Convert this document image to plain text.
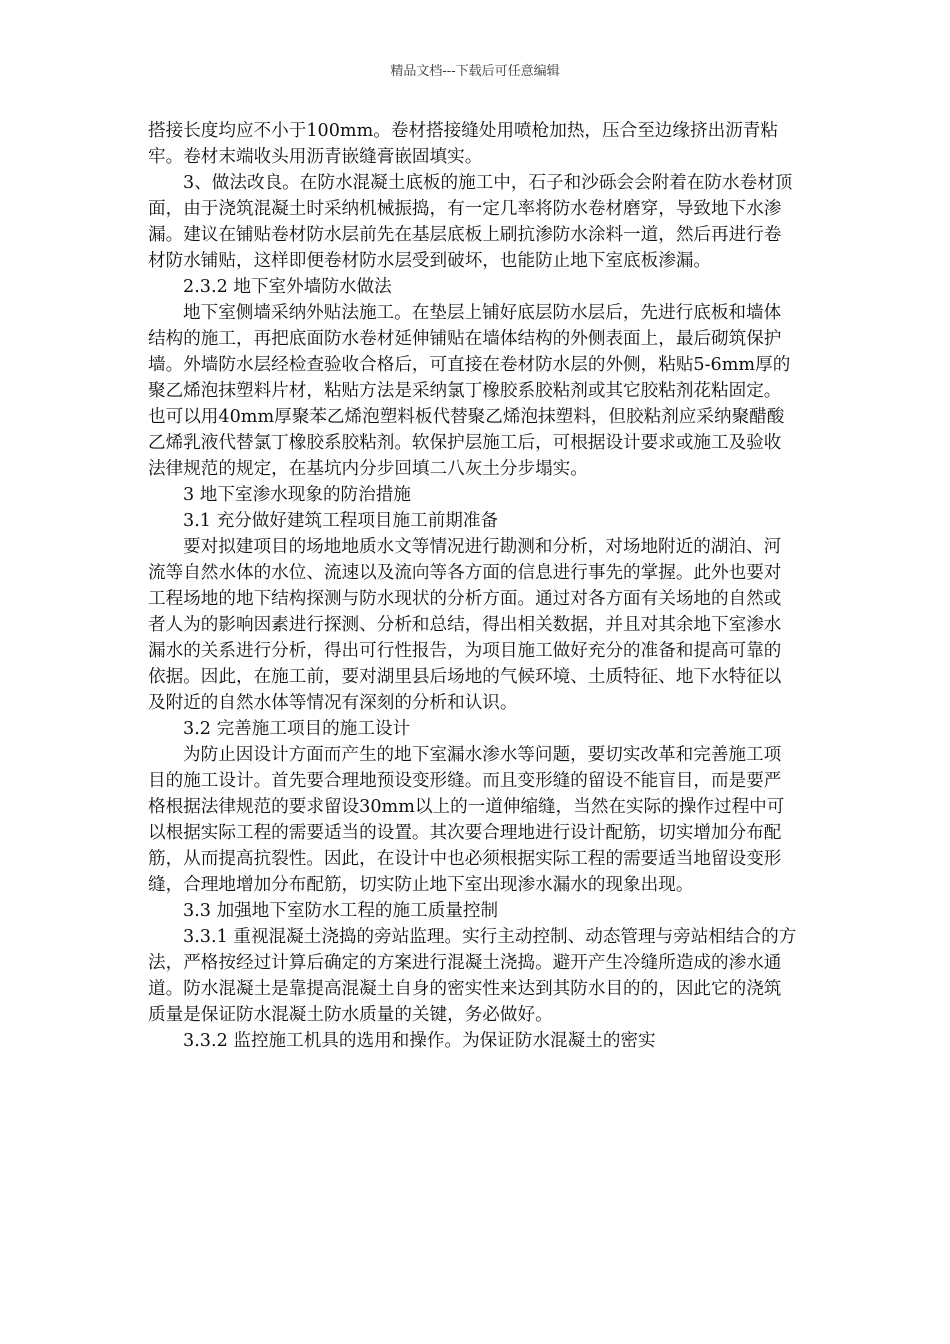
精品文档---下载后可任意编辑

搭接长度均应不小于100mm。卷材搭接缝处用喷枪加热，压合至边缘挤出沥青粘牢。卷材末端收头用沥青嵌缝膏嵌固填实。

3、做法改良。在防水混凝土底板的施工中，石子和沙砾会会附着在防水卷材顶面，由于浇筑混凝土时采纳机械振捣，有一定几率将防水卷材磨穿，导致地下水渗漏。建议在铺贴卷材防水层前先在基层底板上刷抗渗防水涂料一道，然后再进行卷材防水铺贴，这样即便卷材防水层受到破坏，也能防止地下室底板渗漏。

2.3.2 地下室外墙防水做法

地下室侧墙采纳外贴法施工。在垫层上铺好底层防水层后，先进行底板和墙体结构的施工，再把底面防水卷材延伸铺贴在墙体结构的外侧表面上，最后砌筑保护墙。外墙防水层经检查验收合格后，可直接在卷材防水层的外侧，粘贴5-6mm厚的聚乙烯泡抹塑料片材，粘贴方法是采纳氯丁橡胶系胶粘剂或其它胶粘剂花粘固定。也可以用40mm厚聚苯乙烯泡塑料板代替聚乙烯泡抹塑料，但胶粘剂应采纳聚醋酸乙烯乳液代替氯丁橡胶系胶粘剂。软保护层施工后，可根据设计要求或施工及验收法律规范的规定，在基坑内分步回填二八灰土分步塌实。

3 地下室渗水现象的防治措施

3.1 充分做好建筑工程项目施工前期准备

要对拟建项目的场地地质水文等情况进行勘测和分析，对场地附近的湖泊、河流等自然水体的水位、流速以及流向等各方面的信息进行事先的掌握。此外也要对工程场地的地下结构探测与防水现状的分析方面。通过对各方面有关场地的自然或者人为的影响因素进行探测、分析和总结，得出相关数据，并且对其余地下室渗水漏水的关系进行分析，得出可行性报告，为项目施工做好充分的准备和提高可靠的依据。因此，在施工前，要对湖里县后场地的气候环境、土质特征、地下水特征以及附近的自然水体等情况有深刻的分析和认识。

3.2 完善施工项目的施工设计

为防止因设计方面而产生的地下室漏水渗水等问题，要切实改革和完善施工项目的施工设计。首先要合理地预设变形缝。而且变形缝的留设不能盲目，而是要严格根据法律规范的要求留设30mm以上的一道伸缩缝，当然在实际的操作过程中可以根据实际工程的需要适当的设置。其次要合理地进行设计配筋，切实增加分布配筋，从而提高抗裂性。因此，在设计中也必须根据实际工程的需要适当地留设变形缝，合理地增加分布配筋，切实防止地下室出现渗水漏水的现象出现。

3.3 加强地下室防水工程的施工质量控制

3.3.1 重视混凝土浇捣的旁站监理。实行主动控制、动态管理与旁站相结合的方法，严格按经过计算后确定的方案进行混凝土浇捣。避开产生冷缝所造成的渗水通道。防水混凝土是靠提高混凝土自身的密实性来达到其防水目的的，因此它的浇筑质量是保证防水混凝土防水质量的关键，务必做好。

3.3.2 监控施工机具的选用和操作。为保证防水混凝土的密实
